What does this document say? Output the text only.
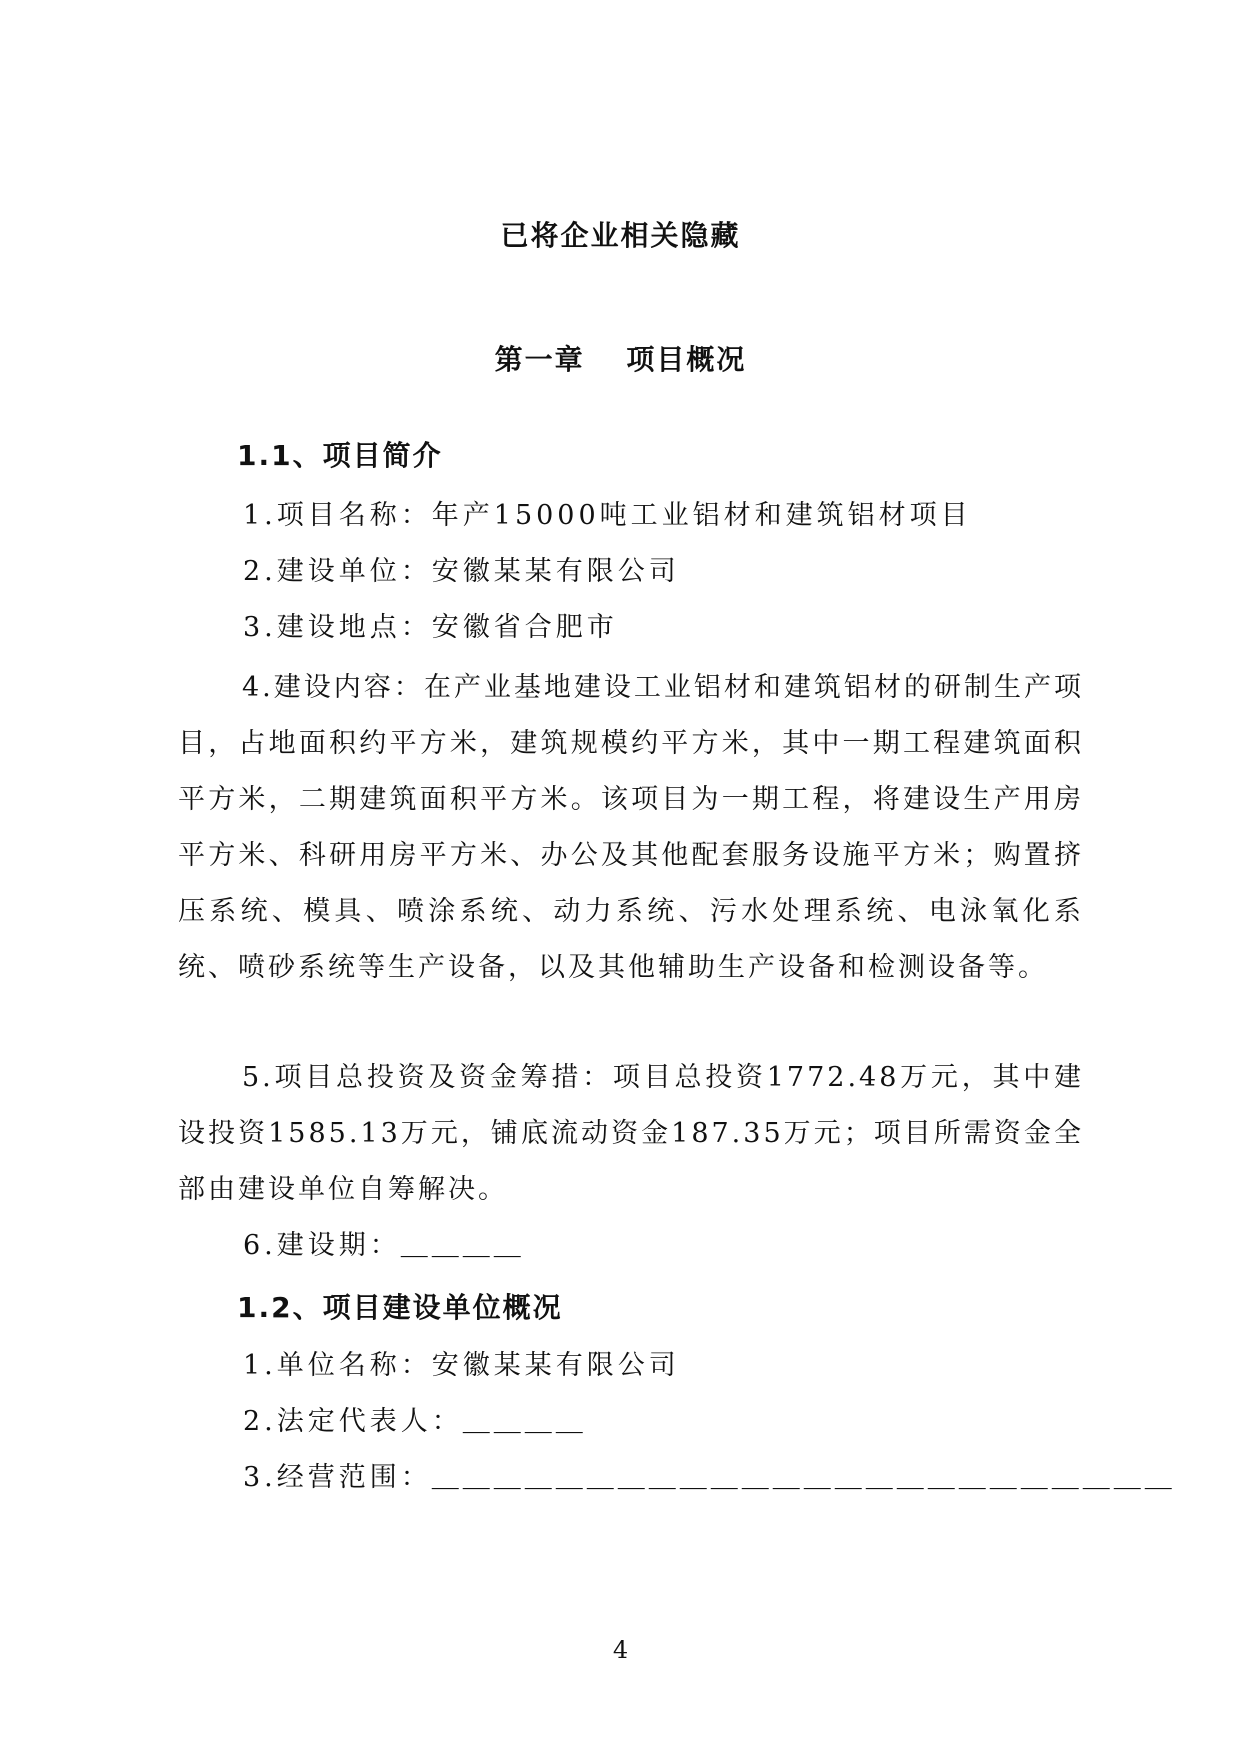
已将企业相关隐藏
第一章　 项目概况
1.1、项目简介
1.项目名称：年产15000吨工业铝材和建筑铝材项目
2.建设单位：安徽某某有限公司
3.建设地点：安徽省合肥市
4.建设内容：在产业基地建设工业铝材和建筑铝材的研制生产项目，占地面积约平方米，建筑规模约平方米，其中一期工程建筑面积平方米，二期建筑面积平方米。该项目为一期工程，将建设生产用房平方米、科研用房平方米、办公及其他配套服务设施平方米；购置挤压系统、模具、喷涂系统、动力系统、污水处理系统、电泳氧化系统、喷砂系统等生产设备，以及其他辅助生产设备和检测设备等。
5.项目总投资及资金筹措：项目总投资1772.48万元，其中建设投资1585.13万元，铺底流动资金187.35万元；项目所需资金全部由建设单位自筹解决。
6.建设期：＿＿＿＿
1.2、项目建设单位概况
1.单位名称：安徽某某有限公司
2.法定代表人：＿＿＿＿
3.经营范围：＿＿＿＿＿＿＿＿＿＿＿＿＿＿＿＿＿＿＿＿＿＿＿＿
4
